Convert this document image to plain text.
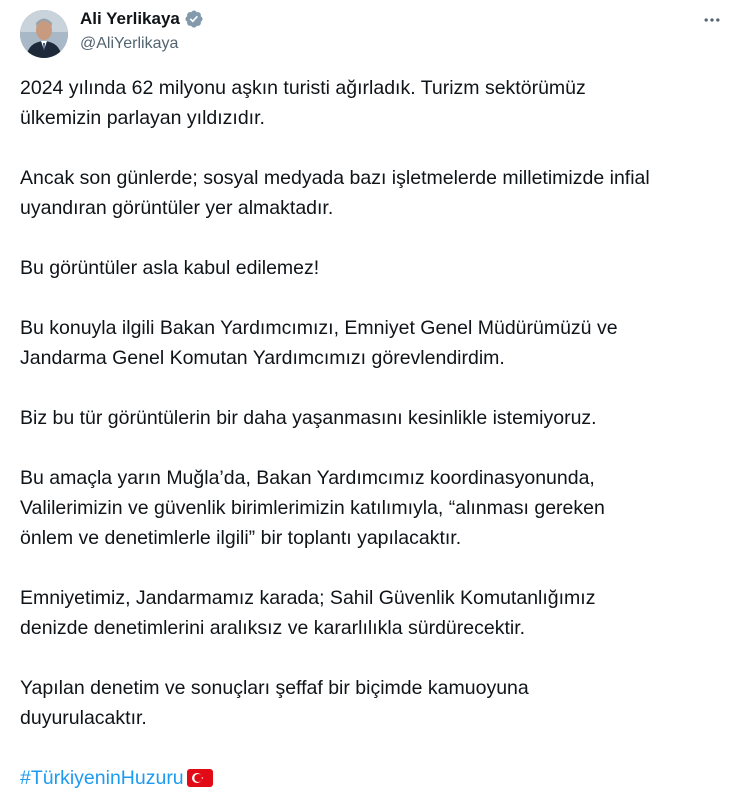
Ali Yerlikaya
@AliYerlikaya

2024 yılında 62 milyonu aşkın turisti ağırladık. Turizm sektörümüz
ülkemizin parlayan yıldızıdır.

Ancak son günlerde; sosyal medyada bazı işletmelerde milletimizde infial
uyandıran görüntüler yer almaktadır.

Bu görüntüler asla kabul edilemez!

Bu konuyla ilgili Bakan Yardımcımızı, Emniyet Genel Müdürümüzü ve
Jandarma Genel Komutan Yardımcımızı görevlendirdim.

Biz bu tür görüntülerin bir daha yaşanmasını kesinlikle istemiyoruz.

Bu amaçla yarın Muğla’da, Bakan Yardımcımız koordinasyonunda,
Valilerimizin ve güvenlik birimlerimizin katılımıyla, “alınması gereken
önlem ve denetimlerle ilgili” bir toplantı yapılacaktır.

Emniyetimiz, Jandarmamız karada; Sahil Güvenlik Komutanlığımız
denizde denetimlerini aralıksız ve kararlılıkla sürdürecektir.

Yapılan denetim ve sonuçları şeffaf bir biçimde kamuoyuna
duyurulacaktır.

#TürkiyeninHuzuru
